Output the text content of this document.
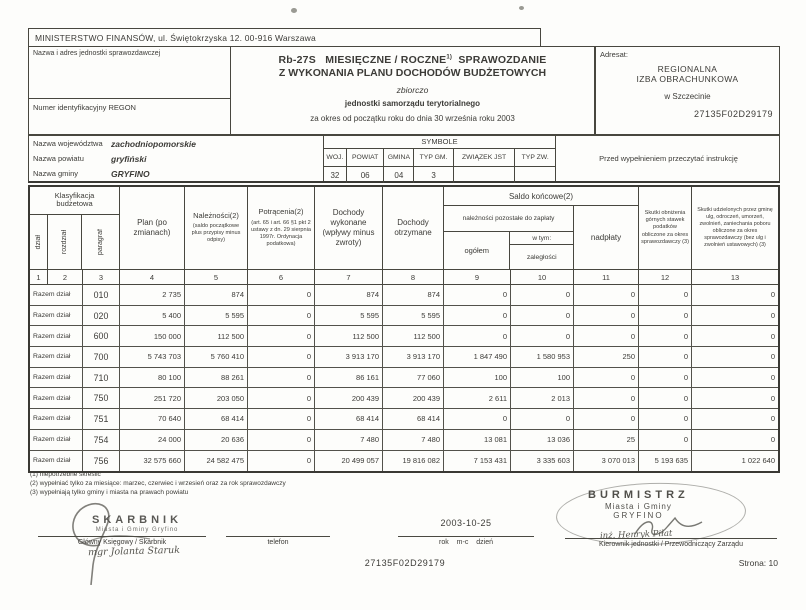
MINISTERSTWO FINANSÓW, ul. Świętokrzyska 12. 00-916 Warszawa
Nazwa i adres jednostki sprawozdawczej
Numer identyfikacyjny REGON
Rb-27S MIESIĘCZNE / ROCZNE$^{1)}$ SPRAWOZDANIE
Z WYKONANIA PLANU DOCHODÓW BUDŻETOWYCH
zbiorczo
jednostki samorządu terytorialnego
za okres od początku roku do dnia 30 września roku 2003
Adresat:
REGIONALNA
IZBA OBRACHUNKOWA
w Szczecinie
27135F02D29179
Nazwa województwa zachodniopomorskie
Nazwa powiatu	gryfiński
Nazwa gminy	GRYFINO
SYMBOLE
WOJ.	POWIAT	GMINA	TYP GM.	ZWIĄZEK JST	TYP ZW.
32	06	04	3
Przed wypełnieniem przeczytać instrukcję
Klasyfikacja budżetowa
dział	rozdział	paragraf
Plan (po zmianach)
Należności(2)
(saldo początkowe plus przypisy minus odpisy)
Potrącenia(2)
(art. 65 i art. 66 §1 pkt 2 ustawy z dn. 29 sierpnia 1997r. Ordynacja podatkowa)
Dochody wykonane (wpływy minus zwroty)
Dochody otrzymane
Saldo końcowe(2)
należności pozostałe do zapłaty
ogółem
w tym:
zaległości
nadpłaty
Skutki obniżenia górnych stawek podatków obliczone za okres sprawozdawczy (3)
Skutki udzielonych przez gminę ulg, odroczeń, umorzeń, zwolnień, zaniechania poboru obliczone za okres sprawozdawczy (bez ulg i zwolnień ustawowych) (3)
1	2	3	4	5	6	7	8	9	10	11	12	13
Razem dział	010	2 735	874	0	874	874	0	0	0	0	0
Razem dział	020	5 400	5 595	0	5 595	5 595	0	0	0	0	0
Razem dział	600	150 000	112 500	0	112 500	112 500	0	0	0	0	0
Razem dział	700	5 743 703	5 760 410	0	3 913 170	3 913 170	1 847 490	1 580 953	250	0	0
Razem dział	710	80 100	88 261	0	86 161	77 060	100	100	0	0	0
Razem dział	750	251 720	203 050	0	200 439	200 439	2 611	2 013	0	0	0
Razem dział	751	70 640	68 414	0	68 414	68 414	0	0	0	0	0
Razem dział	754	24 000	20 636	0	7 480	7 480	13 081	13 036	25	0	0
Razem dział	756	32 575 660	24 582 475	0	20 499 057	19 816 082	7 153 431	3 335 603	3 070 013	5 193 635	1 022 640
(1) niepotrzebne skreślić
(2) wypełniać tylko za miesiące: marzec, czerwiec i wrzesień oraz za rok sprawozdawczy
(3) wypełniają tylko gminy i miasta na prawach powiatu
SKARBNIK
Miasta i Gminy Gryfino
Główny Księgowy / Skarbnik
mgr Jolanta Staruk
telefon
2003-10-25
rok m-c dzień
BURMISTRZ
Miasta i Gminy
GRYFINO
inż. Henryk Piłat
Kierownik jednostki / Przewodniczący Zarządu
27135F02D29179	Strona: 10
